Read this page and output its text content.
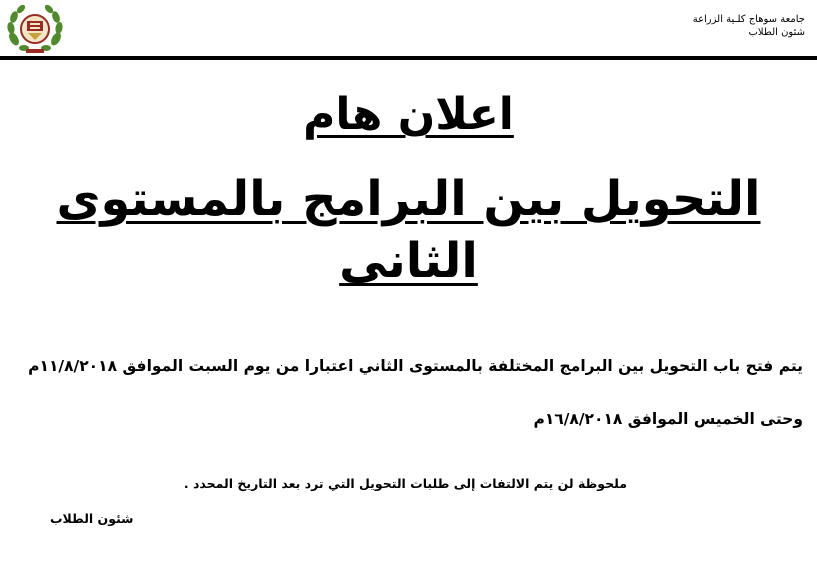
جامعة سوهاج كلـية الزراعة
شئون الطلاب
اعلان هام
التحويل بين البرامج بالمستوى الثانى
يتم فتح باب التحويل بين البرامج المختلفة بالمستوى الثاني اعتبارا من يوم السبت الموافق ١١/٨/٢٠١٨م
وحتى الخميس الموافق ١٦/٨/٢٠١٨م
ملحوظة لن يتم الالتفات إلى طلبات التحويل التي ترد بعد التاريخ المحدد .
شئون الطلاب
